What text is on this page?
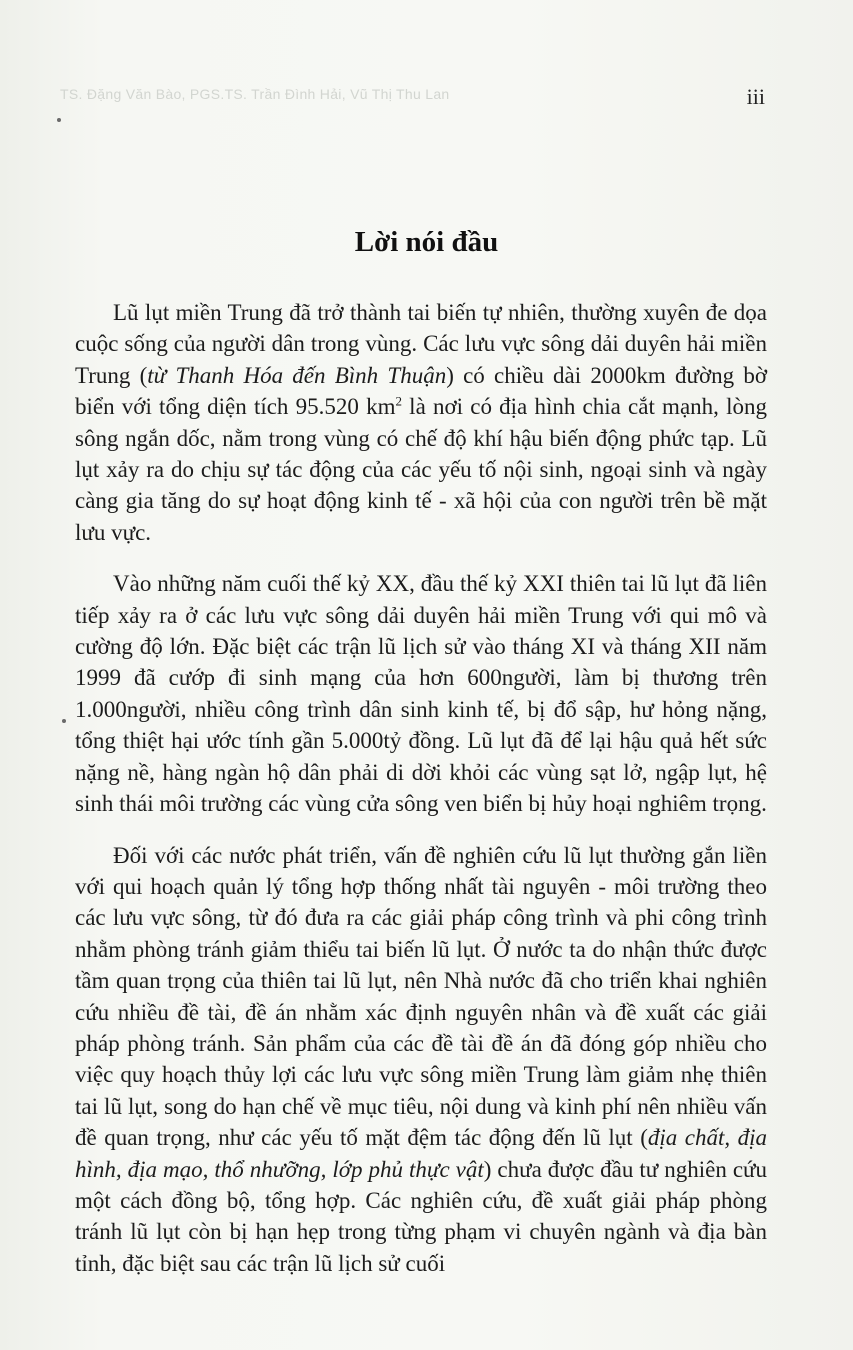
TS. Đặng Văn Bào, PGS.TS. Trần Đình Hải, Vũ Thị Thu Lan	iii
Lời nói đầu

Lũ lụt miền Trung đã trở thành tai biến tự nhiên, thường xuyên đe dọa cuộc sống của người dân trong vùng. Các lưu vực sông dải duyên hải miền Trung (từ Thanh Hóa đến Bình Thuận) có chiều dài 2000km đường bờ biển với tổng diện tích 95.520 $km^2$ là nơi có địa hình chia cắt mạnh, lòng sông ngắn dốc, nằm trong vùng có chế độ khí hậu biến động phức tạp. Lũ lụt xảy ra do chịu sự tác động của các yếu tố nội sinh, ngoại sinh và ngày càng gia tăng do sự hoạt động kinh tế - xã hội của con người trên bề mặt lưu vực.

Vào những năm cuối thế kỷ XX, đầu thế kỷ XXI thiên tai lũ lụt đã liên tiếp xảy ra ở các lưu vực sông dải duyên hải miền Trung với qui mô và cường độ lớn. Đặc biệt các trận lũ lịch sử vào tháng XI và tháng XII năm 1999 đã cướp đi sinh mạng của hơn 600người, làm bị thương trên 1.000người, nhiều công trình dân sinh kinh tế, bị đổ sập, hư hỏng nặng, tổng thiệt hại ước tính gần 5.000tỷ đồng. Lũ lụt đã để lại hậu quả hết sức nặng nề, hàng ngàn hộ dân phải di dời khỏi các vùng sạt lở, ngập lụt, hệ sinh thái môi trường các vùng cửa sông ven biển bị hủy hoại nghiêm trọng.

Đối với các nước phát triển, vấn đề nghiên cứu lũ lụt thường gắn liền với qui hoạch quản lý tổng hợp thống nhất tài nguyên - môi trường theo các lưu vực sông, từ đó đưa ra các giải pháp công trình và phi công trình nhằm phòng tránh giảm thiểu tai biến lũ lụt. Ở nước ta do nhận thức được tầm quan trọng của thiên tai lũ lụt, nên Nhà nước đã cho triển khai nghiên cứu nhiều đề tài, đề án nhằm xác định nguyên nhân và đề xuất các giải pháp phòng tránh. Sản phẩm của các đề tài đề án đã đóng góp nhiều cho việc quy hoạch thủy lợi các lưu vực sông miền Trung làm giảm nhẹ thiên tai lũ lụt, song do hạn chế về mục tiêu, nội dung và kinh phí nên nhiều vấn đề quan trọng, như các yếu tố mặt đệm tác động đến lũ lụt (địa chất, địa hình, địa mạo, thổ nhưỡng, lớp phủ thực vật) chưa được đầu tư nghiên cứu một cách đồng bộ, tổng hợp. Các nghiên cứu, đề xuất giải pháp phòng tránh lũ lụt còn bị hạn hẹp trong từng phạm vi chuyên ngành và địa bàn tỉnh, đặc biệt sau các trận lũ lịch sử cuối
